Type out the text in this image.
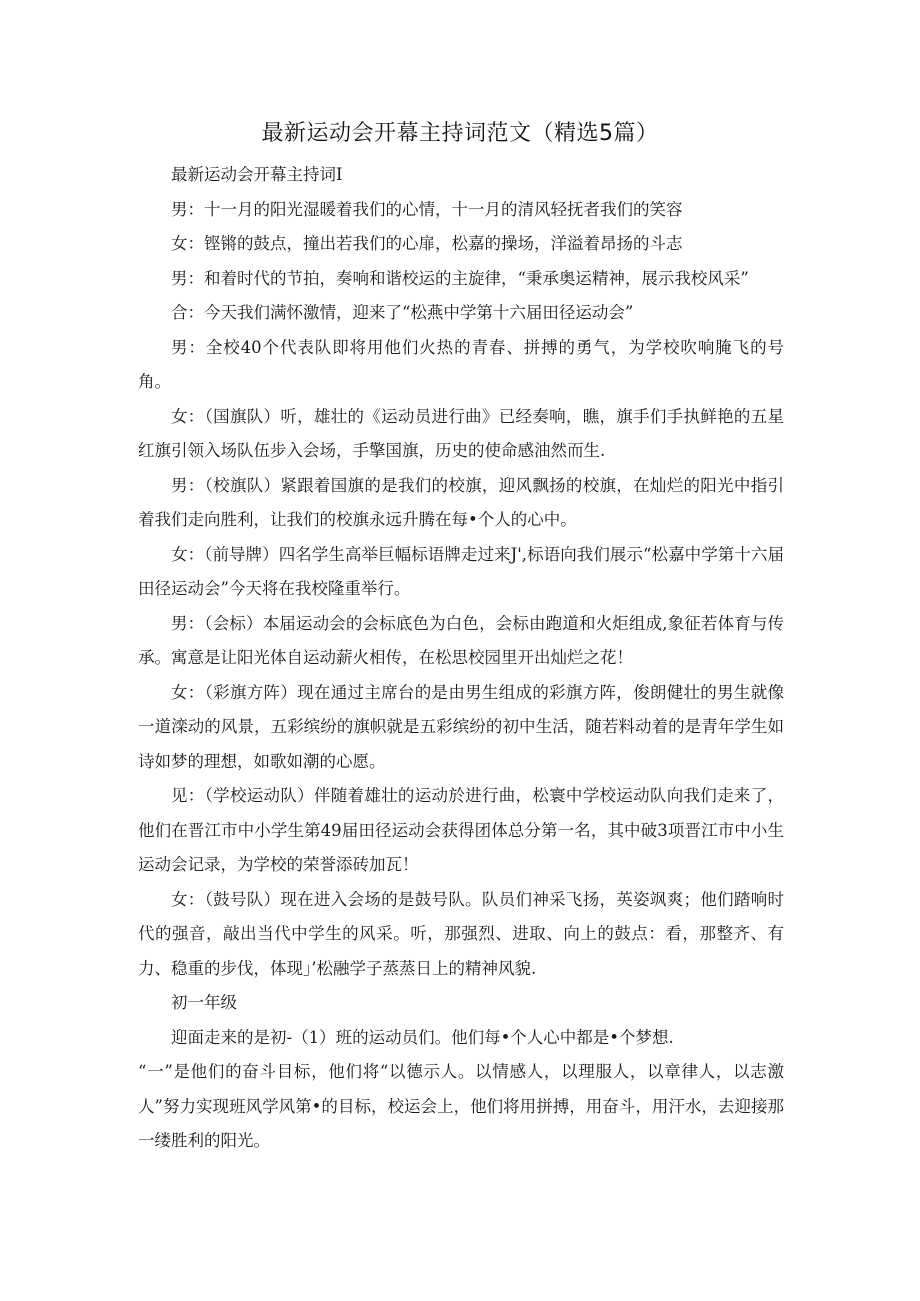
最新运动会开幕主持词范文（精选5篇）

最新运动会开幕主持词I

男：十一月的阳光湿暖着我们的心情，十一月的清风轻抚者我们的笑容

女：铿锵的鼓点，撞出若我们的心扉，松嘉的操场，洋溢着昂扬的斗志

男：和着时代的节拍，奏响和谐校运的主旋律，“秉承奥运精神，展示我校风采”

合：今天我们满怀激情，迎来了“松燕中学第十六届田径运动会”

男：全校40个代表队即将用他们火热的青春、拼搏的勇气，为学校吹响腌飞的号角。

女：（国旗队）听，雄壮的《运动员进行曲》已经奏响，瞧，旗手们手执鲜艳的五星红旗引领入场队伍步入会场，手擎国旗，历史的使命感油然而生.

男：（校旗队）紧跟着国旗的是我们的校旗，迎风飘扬的校旗，在灿烂的阳光中指引着我们走向胜利，让我们的校旗永远升腾在每•个人的心中。

女：（前导牌）四名学生高举巨幅标语牌走过来J',标语向我们展示“松嘉中学第十六届田径运动会”今天将在我校隆重举行。

男：（会标）本届运动会的会标底色为白色，会标由跑道和火炬组成,象征若体育与传承。寓意是让阳光体自运动薪火相传，在松思校园里开出灿烂之花！

女：（彩旗方阵）现在通过主席台的是由男生组成的彩旗方阵，俊朗健壮的男生就像一道滦动的风景，五彩缤纷的旗帜就是五彩缤纷的初中生活，随若料动着的是青年学生如诗如梦的理想，如歌如潮的心愿。

见：（学校运动队）伴随着雄壮的运动於进行曲，松寰中学校运动队向我们走来了，他们在晋江市中小学生第49届田径运动会获得团体总分第一名，其中破3项晋江市中小生运动会记录，为学校的荣誉添砖加瓦！

女：（鼓号队）现在进入会场的是鼓号队。队员们神采飞扬，英姿飒爽；他们踏响时代的强音，敲出当代中学生的风采。听，那强烈、进取、向上的鼓点：看，那整齐、有力、稳重的步伐，体现」’松融学子蒸蒸日上的精神风貌.

初一年级

迎面走来的是初-（1）班的运动员们。他们每•个人心中都是•个梦想.

“一”是他们的奋斗目标，他们将“以德示人。以情感人，以理服人，以章律人，以志激人”努力实现班风学风第•的目标，校运会上，他们将用拼搏，用奋斗，用汗水，去迎接那一缕胜利的阳光。
